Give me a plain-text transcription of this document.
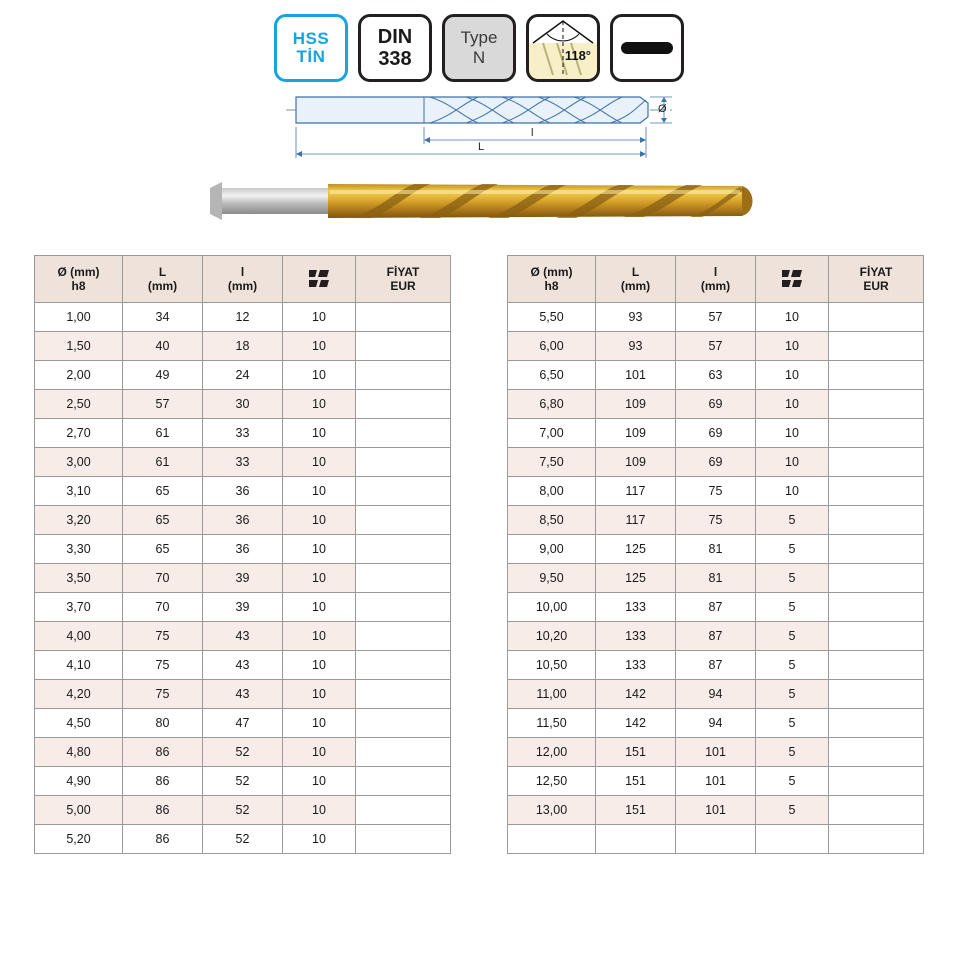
HSS
TİN
DIN
338
Type
N	118°
Ø
l
L
Ø (mm)
h8

L
(mm)

l
(mm)

FİYAT
EUR

1,00	34	12	10	
1,50	40	18	10	
2,00	49	24	10	
2,50	57	30	10	
2,70	61	33	10	
3,00	61	33	10	
3,10	65	36	10	
3,20	65	36	10	
3,30	65	36	10	
3,50	70	39	10	
3,70	70	39	10	
4,00	75	43	10	
4,10	75	43	10	
4,20	75	43	10	
4,50	80	47	10	
4,80	86	52	10	
4,90	86	52	10	
5,00	86	52	10	
5,20	86	52	10	
Ø (mm)
h8

L
(mm)

l
(mm)

FİYAT
EUR

5,50	93	57	10	
6,00	93	57	10	
6,50	101	63	10	
6,80	109	69	10	
7,00	109	69	10	
7,50	109	69	10	
8,00	117	75	10	
8,50	117	75	5	
9,00	125	81	5	
9,50	125	81	5	
10,00	133	87	5	
10,20	133	87	5	
10,50	133	87	5	
11,00	142	94	5	
11,50	142	94	5	
12,00	151	101	5	
12,50	151	101	5	
13,00	151	101	5	
